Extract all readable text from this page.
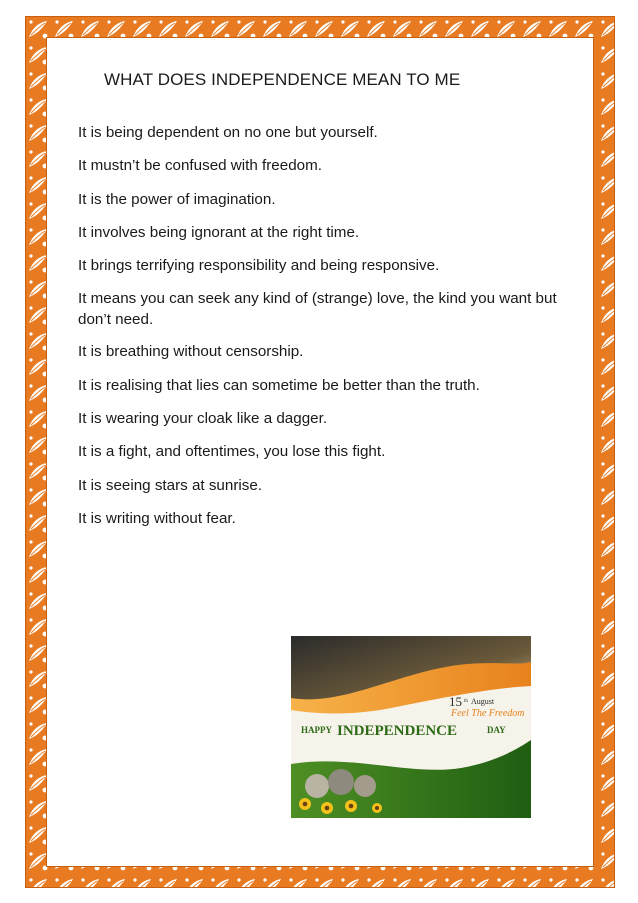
WHAT DOES INDEPENDENCE MEAN TO ME
It is being dependent on no one but yourself.
It mustn’t be confused with freedom.
It is the power of imagination.
It involves being ignorant at the right time.
It brings terrifying responsibility and being responsive.
It means you can seek any kind of (strange) love, the kind you want but don’t need.
It is breathing without censorship.
It is realising that lies can sometime be better than the truth.
It is wearing your cloak like a dagger.
It is a fight, and oftentimes, you lose this fight.
It is seeing stars at sunrise.
It is writing without fear.
15 th August
Feel The Freedom
HAPPY INDEPENDENCE	DAY
